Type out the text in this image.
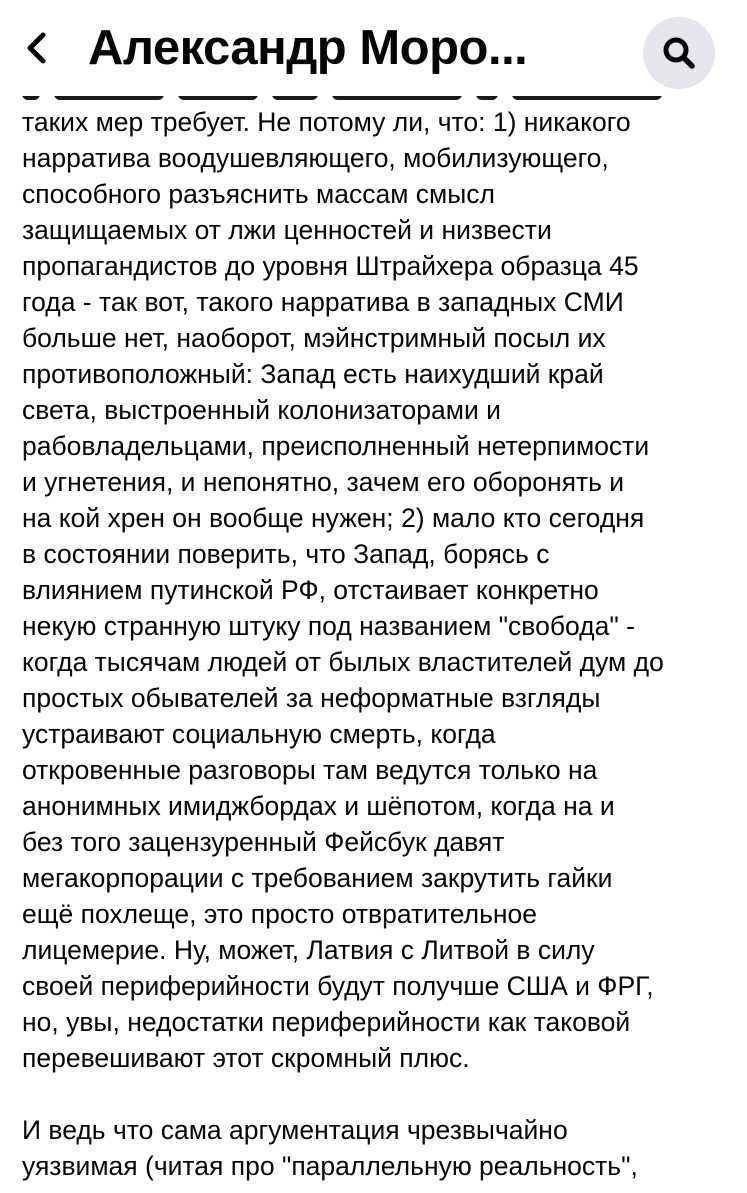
Александр Моро...
таких мер требует. Не потому ли, что: 1) никакого
нарратива воодушевляющего, мобилизующего,
способного разъяснить массам смысл
защищаемых от лжи ценностей и низвести
пропагандистов до уровня Штрайхера образца 45
года - так вот, такого нарратива в западных СМИ
больше нет, наоборот, мэйнстримный посыл их
противоположный: Запад есть наихудший край
света, выстроенный колонизаторами и
рабовладельцами, преисполненный нетерпимости
и угнетения, и непонятно, зачем его оборонять и
на кой хрен он вообще нужен; 2) мало кто сегодня
в состоянии поверить, что Запад, борясь с
влиянием путинской РФ, отстаивает конкретно
некую странную штуку под названием "свобода" -
когда тысячам людей от былых властителей дум до
простых обывателей за неформатные взгляды
устраивают социальную смерть, когда
откровенные разговоры там ведутся только на
анонимных имиджбордах и шёпотом, когда на и
без того зацензуренный Фейсбук давят
мегакорпорации с требованием закрутить гайки
ещё похлеще, это просто отвратительное
лицемерие. Ну, может, Латвия с Литвой в силу
своей периферийности будут получше США и ФРГ,
но, увы, недостатки периферийности как таковой
перевешивают этот скромный плюс.
И ведь что сама аргументация чрезвычайно
уязвимая (читая про "параллельную реальность",
